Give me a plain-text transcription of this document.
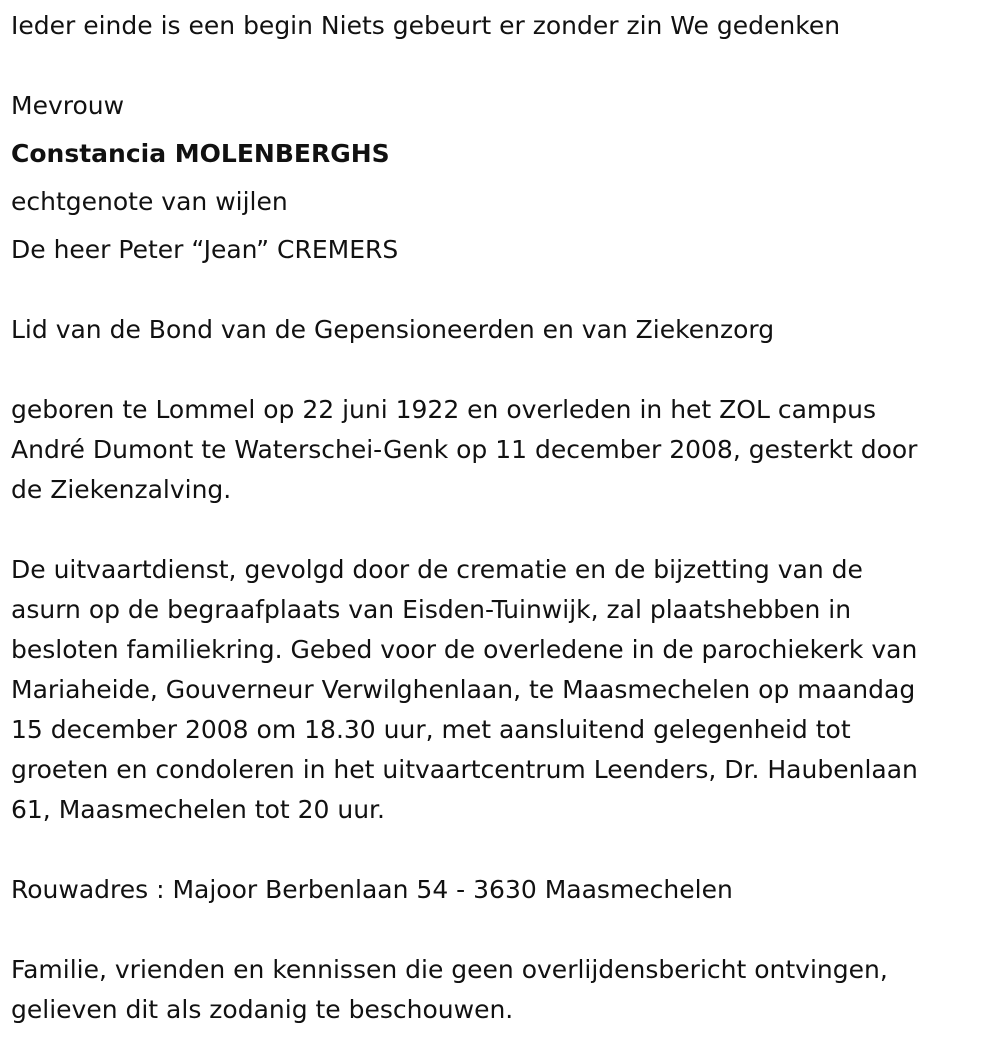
Ieder einde is een begin Niets gebeurt er zonder zin We gedenken

Mevrouw

Constancia MOLENBERGHS

echtgenote van wijlen

De heer Peter “Jean” CREMERS

Lid van de Bond van de Gepensioneerden en van Ziekenzorg

geboren te Lommel op 22 juni 1922 en overleden in het ZOL campus
André Dumont te Waterschei-Genk op 11 december 2008, gesterkt door
de Ziekenzalving.
De uitvaartdienst, gevolgd door de crematie en de bijzetting van de
asurn op de begraafplaats van Eisden-Tuinwijk, zal plaatshebben in
besloten familiekring. Gebed voor de overledene in de parochiekerk van
Mariaheide, Gouverneur Verwilghenlaan, te Maasmechelen op maandag
15 december 2008 om 18.30 uur, met aansluitend gelegenheid tot
groeten en condoleren in het uitvaartcentrum Leenders, Dr. Haubenlaan
61, Maasmechelen tot 20 uur.

Rouwadres : Majoor Berbenlaan 54 - 3630 Maasmechelen

Familie, vrienden en kennissen die geen overlijdensbericht ontvingen,
gelieven dit als zodanig te beschouwen.
